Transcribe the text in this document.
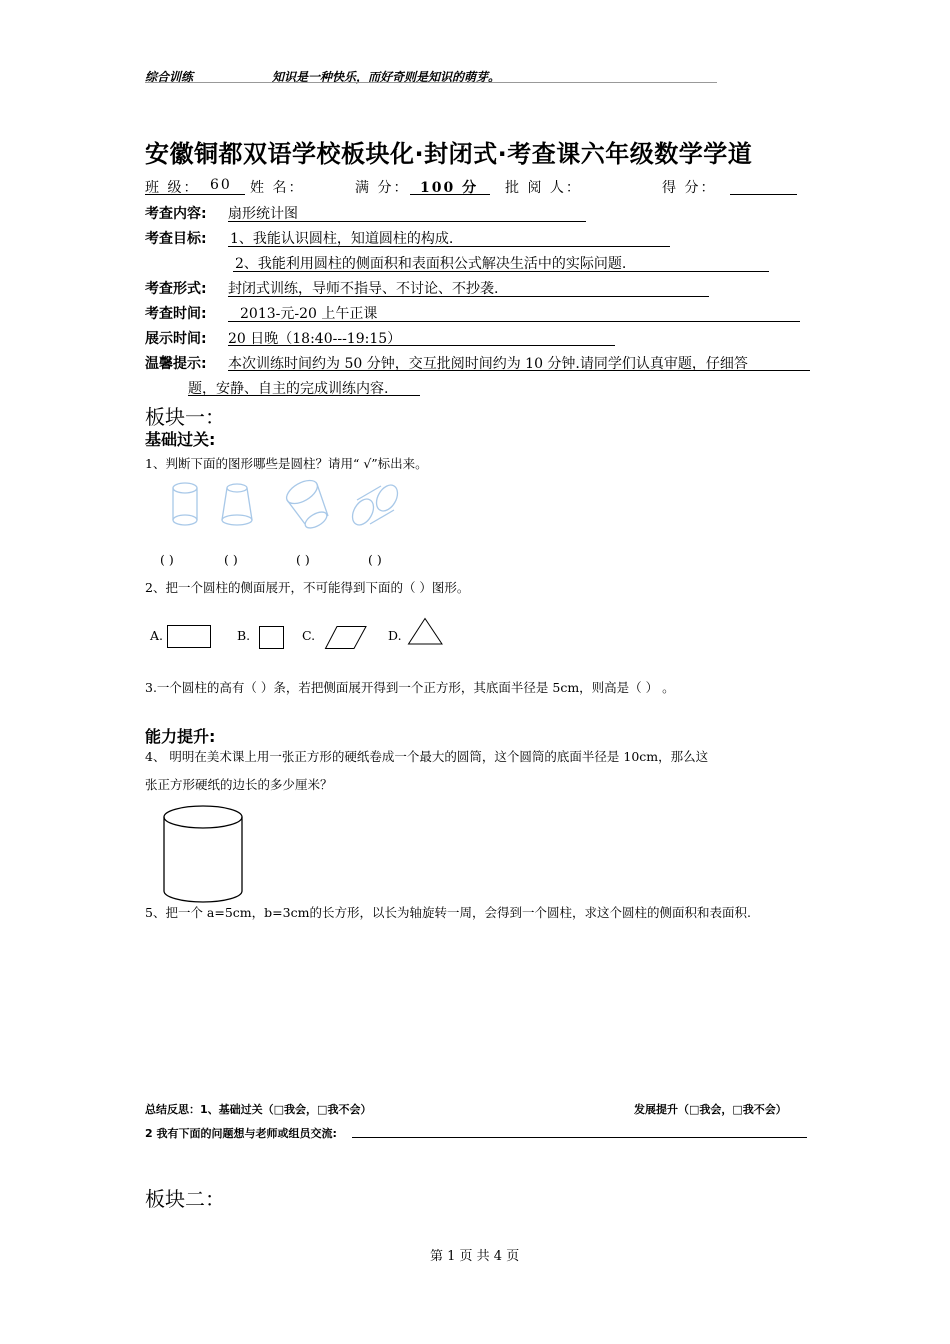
综合训练	知识是一种快乐，而好奇则是知识的萌芽。
安徽铜都双语学校板块化·封闭式·考查课六年级数学学道
班 级： 60 姓 名：	满 分： 100 分 批 阅 人：	得 分：
考查内容: 扇形统计图
考查目标: 1、我能认识圆柱，知道圆柱的构成.
2、我能利用圆柱的侧面积和表面积公式解决生活中的实际问题.
考查形式: 封闭式训练，导师不指导、不讨论、不抄袭.
考查时间: 2013-元-20 上午正课
展示时间: 20 日晚（18:40---19:15）
温馨提示: 本次训练时间约为 50 分钟，交互批阅时间约为 10 分钟.请同学们认真审题，仔细答
题，安静、自主的完成训练内容.
板块一：
基础过关:
1、判断下面的图形哪些是圆柱？请用“ √”标出来。
( )	( )	( )	( )
2、把一个圆柱的侧面展开，不可能得到下面的（ ）图形。
A.	B.	C.	D.
3.一个圆柱的高有（ ）条，若把侧面展开得到一个正方形，其底面半径是 5cm，则高是（ ） 。
能力提升:
4、 明明在美术课上用一张正方形的硬纸卷成一个最大的圆筒，这个圆筒的底面半径是 10cm，那么这
张正方形硬纸的边长的多少厘米？
5、把一个 a=5cm，b=3cm的长方形，以长为轴旋转一周，会得到一个圆柱，求这个圆柱的侧面积和表面积.
总结反思：1、基础过关（□我会，□我不会）	发展提升（□我会，□我不会）
2 我有下面的问题想与老师或组员交流:
板块二：
第 1 页 共 4 页
